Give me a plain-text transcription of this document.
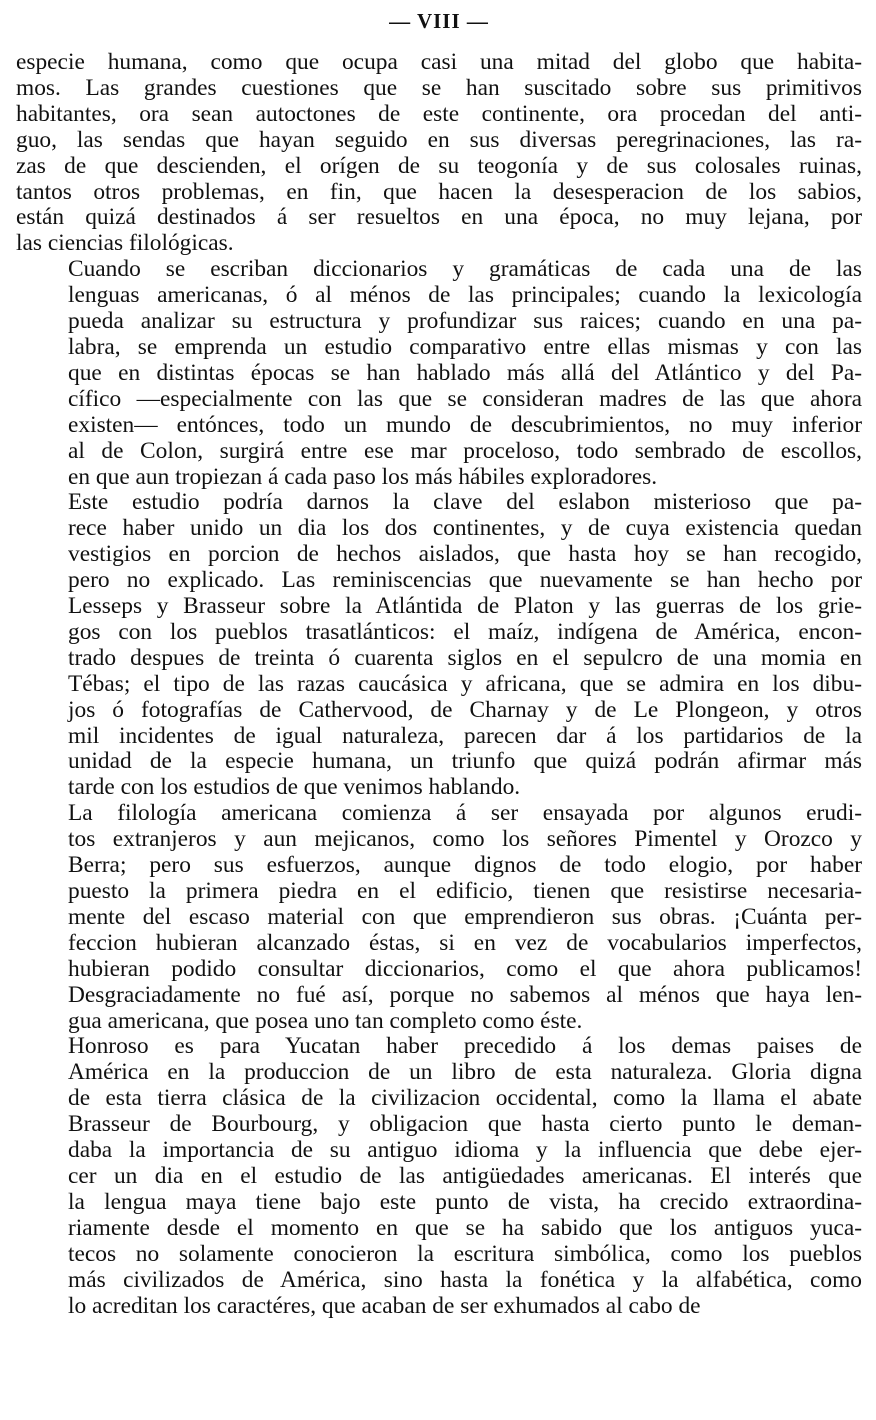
— VIII —

especie humana, como que ocupa casi una mitad del globo que habita-
mos. Las grandes cuestiones que se han suscitado sobre sus primitivos
habitantes, ora sean autoctones de este continente, ora procedan del anti-
guo, las sendas que hayan seguido en sus diversas peregrinaciones, las ra-
zas de que descienden, el orígen de su teogonía y de sus colosales ruinas,
tantos otros problemas, en fin, que hacen la desesperacion de los sabios,
están quizá destinados á ser resueltos en una época, no muy lejana, por
las ciencias filológicas.

Cuando se escriban diccionarios y gramáticas de cada una de las
lenguas americanas, ó al ménos de las principales; cuando la lexicología
pueda analizar su estructura y profundizar sus raices; cuando en una pa-
labra, se emprenda un estudio comparativo entre ellas mismas y con las
que en distintas épocas se han hablado más allá del Atlántico y del Pa-
cífico —especialmente con las que se consideran madres de las que ahora
existen— entónces, todo un mundo de descubrimientos, no muy inferior
al de Colon, surgirá entre ese mar proceloso, todo sembrado de escollos,
en que aun tropiezan á cada paso los más hábiles exploradores.

Este estudio podría darnos la clave del eslabon misterioso que pa-
rece haber unido un dia los dos continentes, y de cuya existencia quedan
vestigios en porcion de hechos aislados, que hasta hoy se han recogido,
pero no explicado. Las reminiscencias que nuevamente se han hecho por
Lesseps y Brasseur sobre la Atlántida de Platon y las guerras de los grie-
gos con los pueblos trasatlánticos: el maíz, indígena de América, encon-
trado despues de treinta ó cuarenta siglos en el sepulcro de una momia en
Tébas; el tipo de las razas caucásica y africana, que se admira en los dibu-
jos ó fotografías de Cathervood, de Charnay y de Le Plongeon, y otros
mil incidentes de igual naturaleza, parecen dar á los partidarios de la
unidad de la especie humana, un triunfo que quizá podrán afirmar más
tarde con los estudios de que venimos hablando.

La filología americana comienza á ser ensayada por algunos erudi-
tos extranjeros y aun mejicanos, como los señores Pimentel y Orozco y
Berra; pero sus esfuerzos, aunque dignos de todo elogio, por haber
puesto la primera piedra en el edificio, tienen que resistirse necesaria-
mente del escaso material con que emprendieron sus obras. ¡Cuánta per-
feccion hubieran alcanzado éstas, si en vez de vocabularios imperfectos,
hubieran podido consultar diccionarios, como el que ahora publicamos!
Desgraciadamente no fué así, porque no sabemos al ménos que haya len-
gua americana, que posea uno tan completo como éste.

Honroso es para Yucatan haber precedido á los demas paises de
América en la produccion de un libro de esta naturaleza. Gloria digna
de esta tierra clásica de la civilizacion occidental, como la llama el abate
Brasseur de Bourbourg, y obligacion que hasta cierto punto le deman-
daba la importancia de su antiguo idioma y la influencia que debe ejer-
cer un dia en el estudio de las antigüedades americanas. El interés que
la lengua maya tiene bajo este punto de vista, ha crecido extraordina-
riamente desde el momento en que se ha sabido que los antiguos yuca-
tecos no solamente conocieron la escritura simbólica, como los pueblos
más civilizados de América, sino hasta la fonética y la alfabética, como
lo acreditan los caractéres, que acaban de ser exhumados al cabo de
